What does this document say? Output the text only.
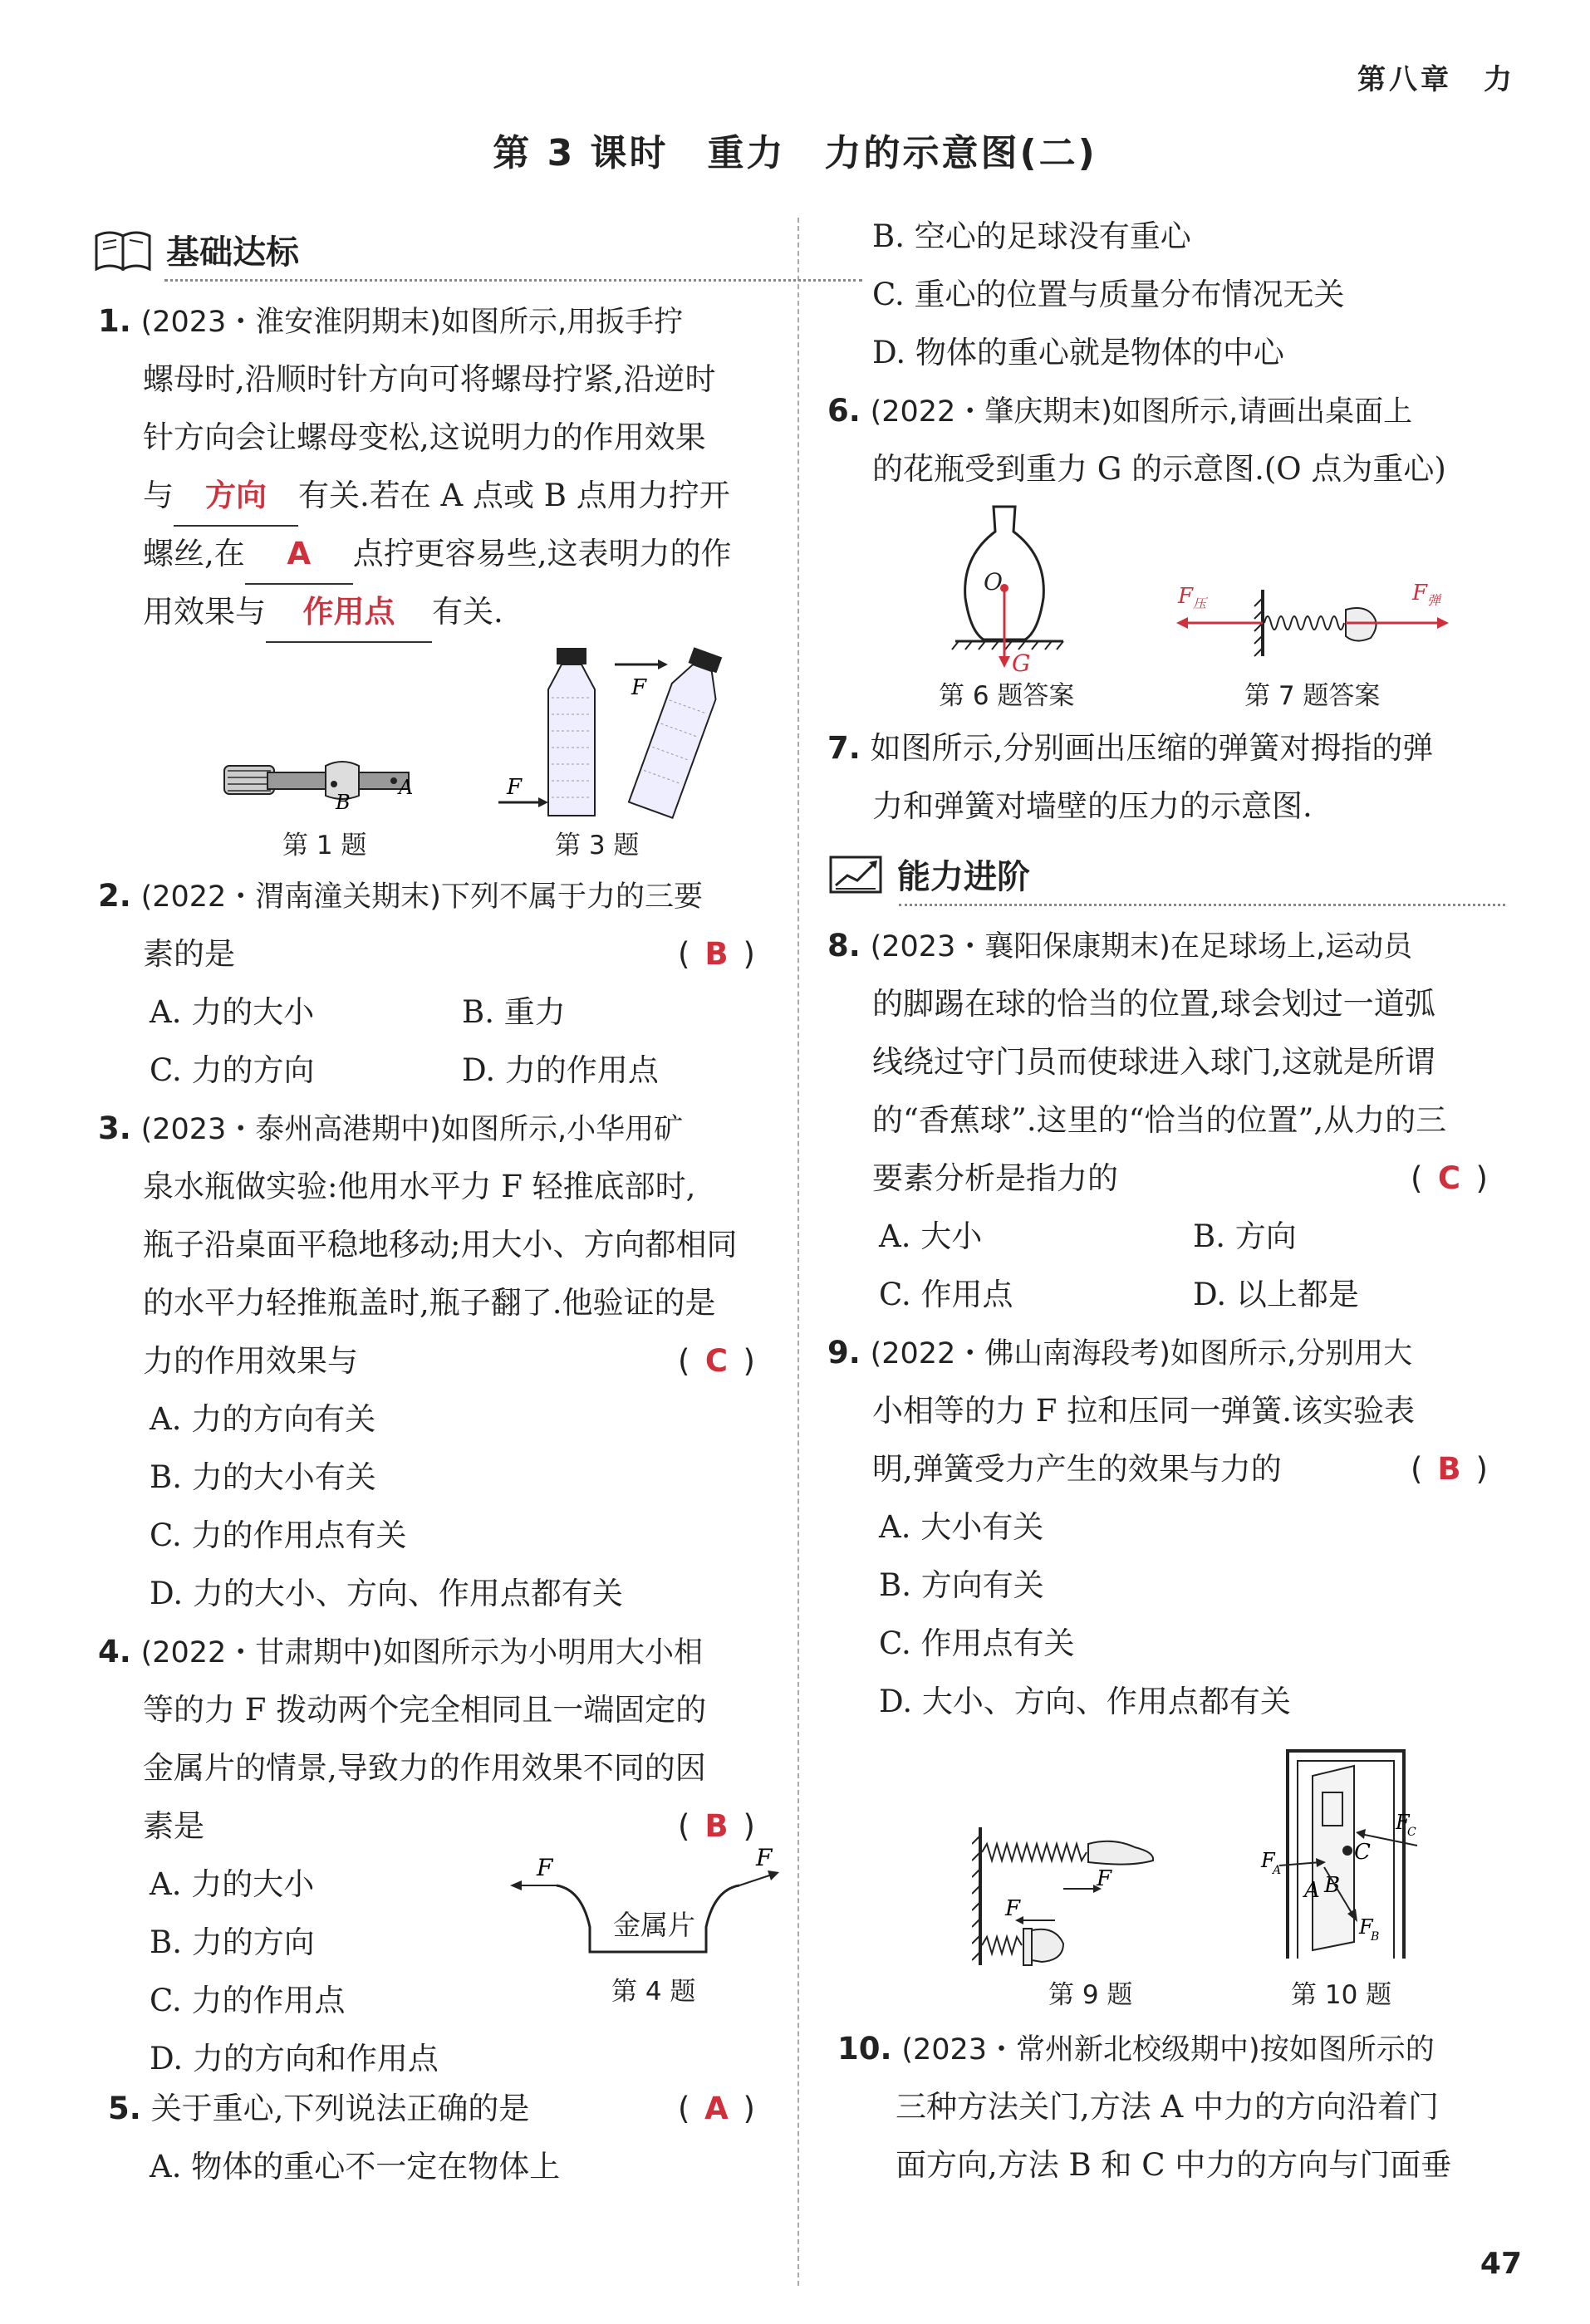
第八章　力
第 3 课时　重力　力的示意图(二)
基础达标
1. (2023・淮安淮阴期末)如图所示,用扳手拧
螺母时,沿顺时针方向可将螺母拧紧,沿逆时
针方向会让螺母变松,这说明力的作用效果
与 方向 有关.若在 A 点或 B 点用力拧开
螺丝,在 A 点拧更容易些,这表明力的作
用效果与 作用点 有关.
B
A
第 1 题
F
F
第 3 题
2. (2022・渭南潼关期末)下列不属于力的三要
素的是	( B )
A. 力的大小	B. 重力
C. 力的方向	D. 力的作用点
3. (2023・泰州高港期中)如图所示,小华用矿
泉水瓶做实验:他用水平力 F 轻推底部时,
瓶子沿桌面平稳地移动;用大小、方向都相同
的水平力轻推瓶盖时,瓶子翻了.他验证的是
力的作用效果与	( C )
A. 力的方向有关
B. 力的大小有关
C. 力的作用点有关
D. 力的大小、方向、作用点都有关
4. (2022・甘肃期中)如图所示为小明用大小相
等的力 F 拨动两个完全相同且一端固定的
金属片的情景,导致力的作用效果不同的因
素是	( B )
A. 力的大小
B. 力的方向
C. 力的作用点
D. 力的方向和作用点
F	F
金属片
第 4 题
5. 关于重心,下列说法正确的是	( A )
A. 物体的重心不一定在物体上
B. 空心的足球没有重心
C. 重心的位置与质量分布情况无关
D. 物体的重心就是物体的中心
6. (2022・肇庆期末)如图所示,请画出桌面上
的花瓶受到重力 G 的示意图.(O 点为重心)
O
G
第 6 题答案
F 压	F 弹
第 7 题答案
7. 如图所示,分别画出压缩的弹簧对拇指的弹
力和弹簧对墙壁的压力的示意图.
能力进阶
8. (2023・襄阳保康期末)在足球场上,运动员
的脚踢在球的恰当的位置,球会划过一道弧
线绕过守门员而使球进入球门,这就是所谓
的“香蕉球”.这里的“恰当的位置”,从力的三
要素分析是指力的	( C )
A. 大小	B. 方向
C. 作用点	D. 以上都是
9. (2022・佛山南海段考)如图所示,分别用大
小相等的力 F 拉和压同一弹簧.该实验表
明,弹簧受力产生的效果与力的	( B )
A. 大小有关
B. 方向有关
C. 作用点有关
D. 大小、方向、作用点都有关
F
F
第 9 题
F
A
A B
C
F
B
F
C
第 10 题
10. (2023・常州新北校级期中)按如图所示的
三种方法关门,方法 A 中力的方向沿着门
面方向,方法 B 和 C 中力的方向与门面垂
47
